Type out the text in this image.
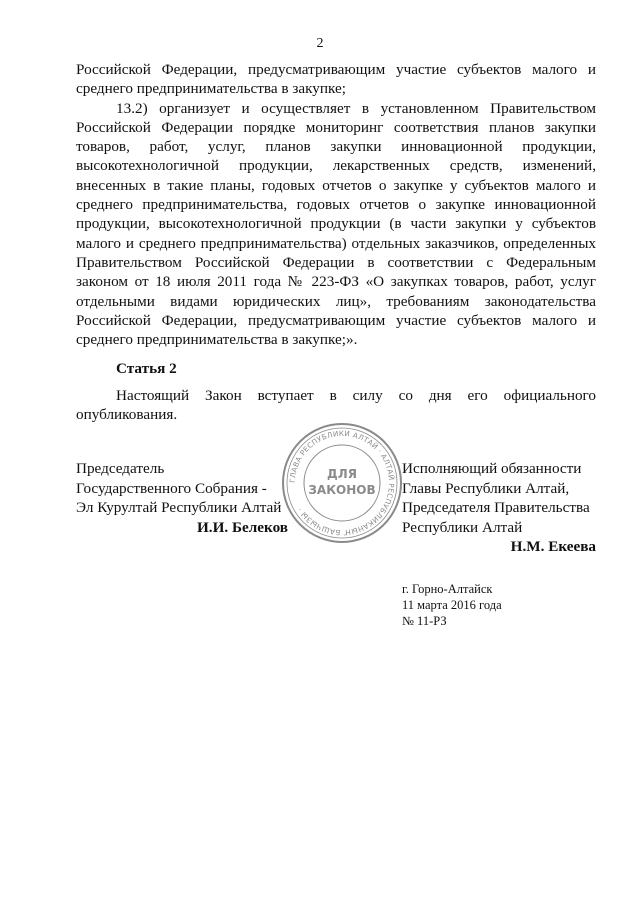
2

Российской Федерации, предусматривающим участие субъектов малого и среднего предпринимательства в закупке;

13.2) организует и осуществляет в установленном Правительством Российской Федерации порядке мониторинг соответствия планов закупки товаров, работ, услуг, планов закупки инновационной продукции, высокотехнологичной продукции, лекарственных средств, изменений, внесенных в такие планы, годовых отчетов о закупке у субъектов малого и среднего предпринимательства, годовых отчетов о закупке инновационной продукции, высокотехнологичной продукции (в части закупки у субъектов малого и среднего предпринимательства) отдельных заказчиков, определенных Правительством Российской Федерации в соответствии с Федеральным законом от 18 июля 2011 года № 223-ФЗ «О закупках товаров, работ, услуг отдельными видами юридических лиц», требованиям законодательства Российской Федерации, предусматривающим участие субъектов малого и среднего предпринимательства в закупке;».

Статья 2

Настоящий Закон вступает в силу со дня его официального опубликования.

Председатель
Государственного Собрания -
Эл Курултай Республики Алтай
И.И. Белеков
ГЛАВА РЕСПУБЛИКИ АЛТАЙ · АЛТАЙ РЕСПУБЛИКАНЫҤ БАШЧЫЗЫ ·
ДЛЯ
ЗАКОНОВ
Исполняющий обязанности
Главы Республики Алтай,
Председателя Правительства
Республики Алтай
Н.М. Екеева
г. Горно-Алтайск
11 марта 2016 года
№ 11-РЗ
